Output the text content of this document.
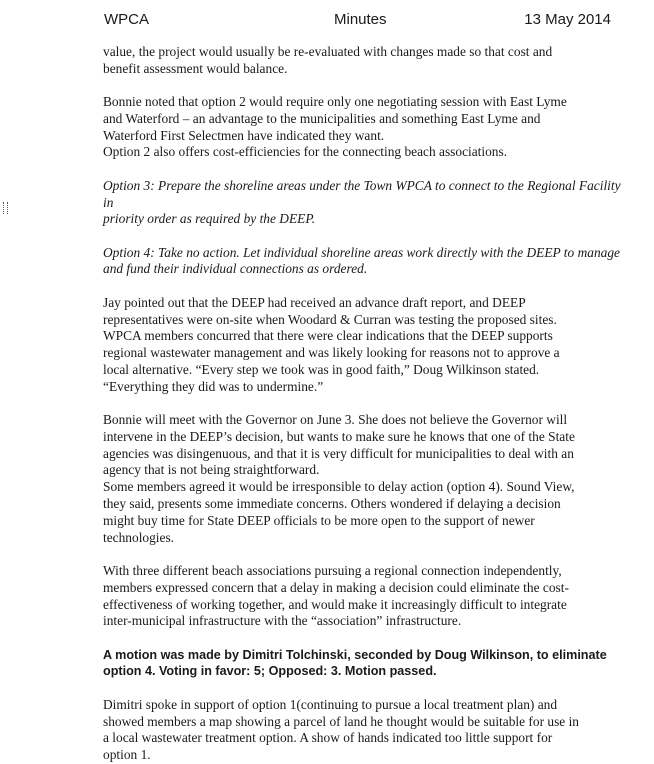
WPCA	Minutes	13 May 2014

value, the project would usually be re-evaluated with changes made so that cost and
benefit assessment would balance.

Bonnie noted that option 2 would require only one negotiating session with East Lyme
and Waterford – an advantage to the municipalities and something East Lyme and
Waterford First Selectmen have indicated they want.
Option 2 also offers cost-efficiencies for the connecting beach associations.

Option 3: Prepare the shoreline areas under the Town WPCA to connect to the Regional Facility in
priority order as required by the DEEP.

Option 4: Take no action. Let individual shoreline areas work directly with the DEEP to manage
and fund their individual connections as ordered.

Jay pointed out that the DEEP had received an advance draft report, and DEEP
representatives were on-site when Woodard & Curran was testing the proposed sites.
WPCA members concurred that there were clear indications that the DEEP supports
regional wastewater management and was likely looking for reasons not to approve a
local alternative. “Every step we took was in good faith,” Doug Wilkinson stated.
“Everything they did was to undermine.”

Bonnie will meet with the Governor on June 3. She does not believe the Governor will
intervene in the DEEP’s decision, but wants to make sure he knows that one of the State
agencies was disingenuous, and that it is very difficult for municipalities to deal with an
agency that is not being straightforward.
Some members agreed it would be irresponsible to delay action (option 4). Sound View,
they said, presents some immediate concerns. Others wondered if delaying a decision
might buy time for State DEEP officials to be more open to the support of newer
technologies.

With three different beach associations pursuing a regional connection independently,
members expressed concern that a delay in making a decision could eliminate the cost-
effectiveness of working together, and would make it increasingly difficult to integrate
inter-municipal infrastructure with the “association” infrastructure.

A motion was made by Dimitri Tolchinski, seconded by Doug Wilkinson, to eliminate
option 4. Voting in favor: 5; Opposed: 3. Motion passed.

Dimitri spoke in support of option 1(continuing to pursue a local treatment plan) and
showed members a map showing a parcel of land he thought would be suitable for use in
a local wastewater treatment option. A show of hands indicated too little support for
option 1.
